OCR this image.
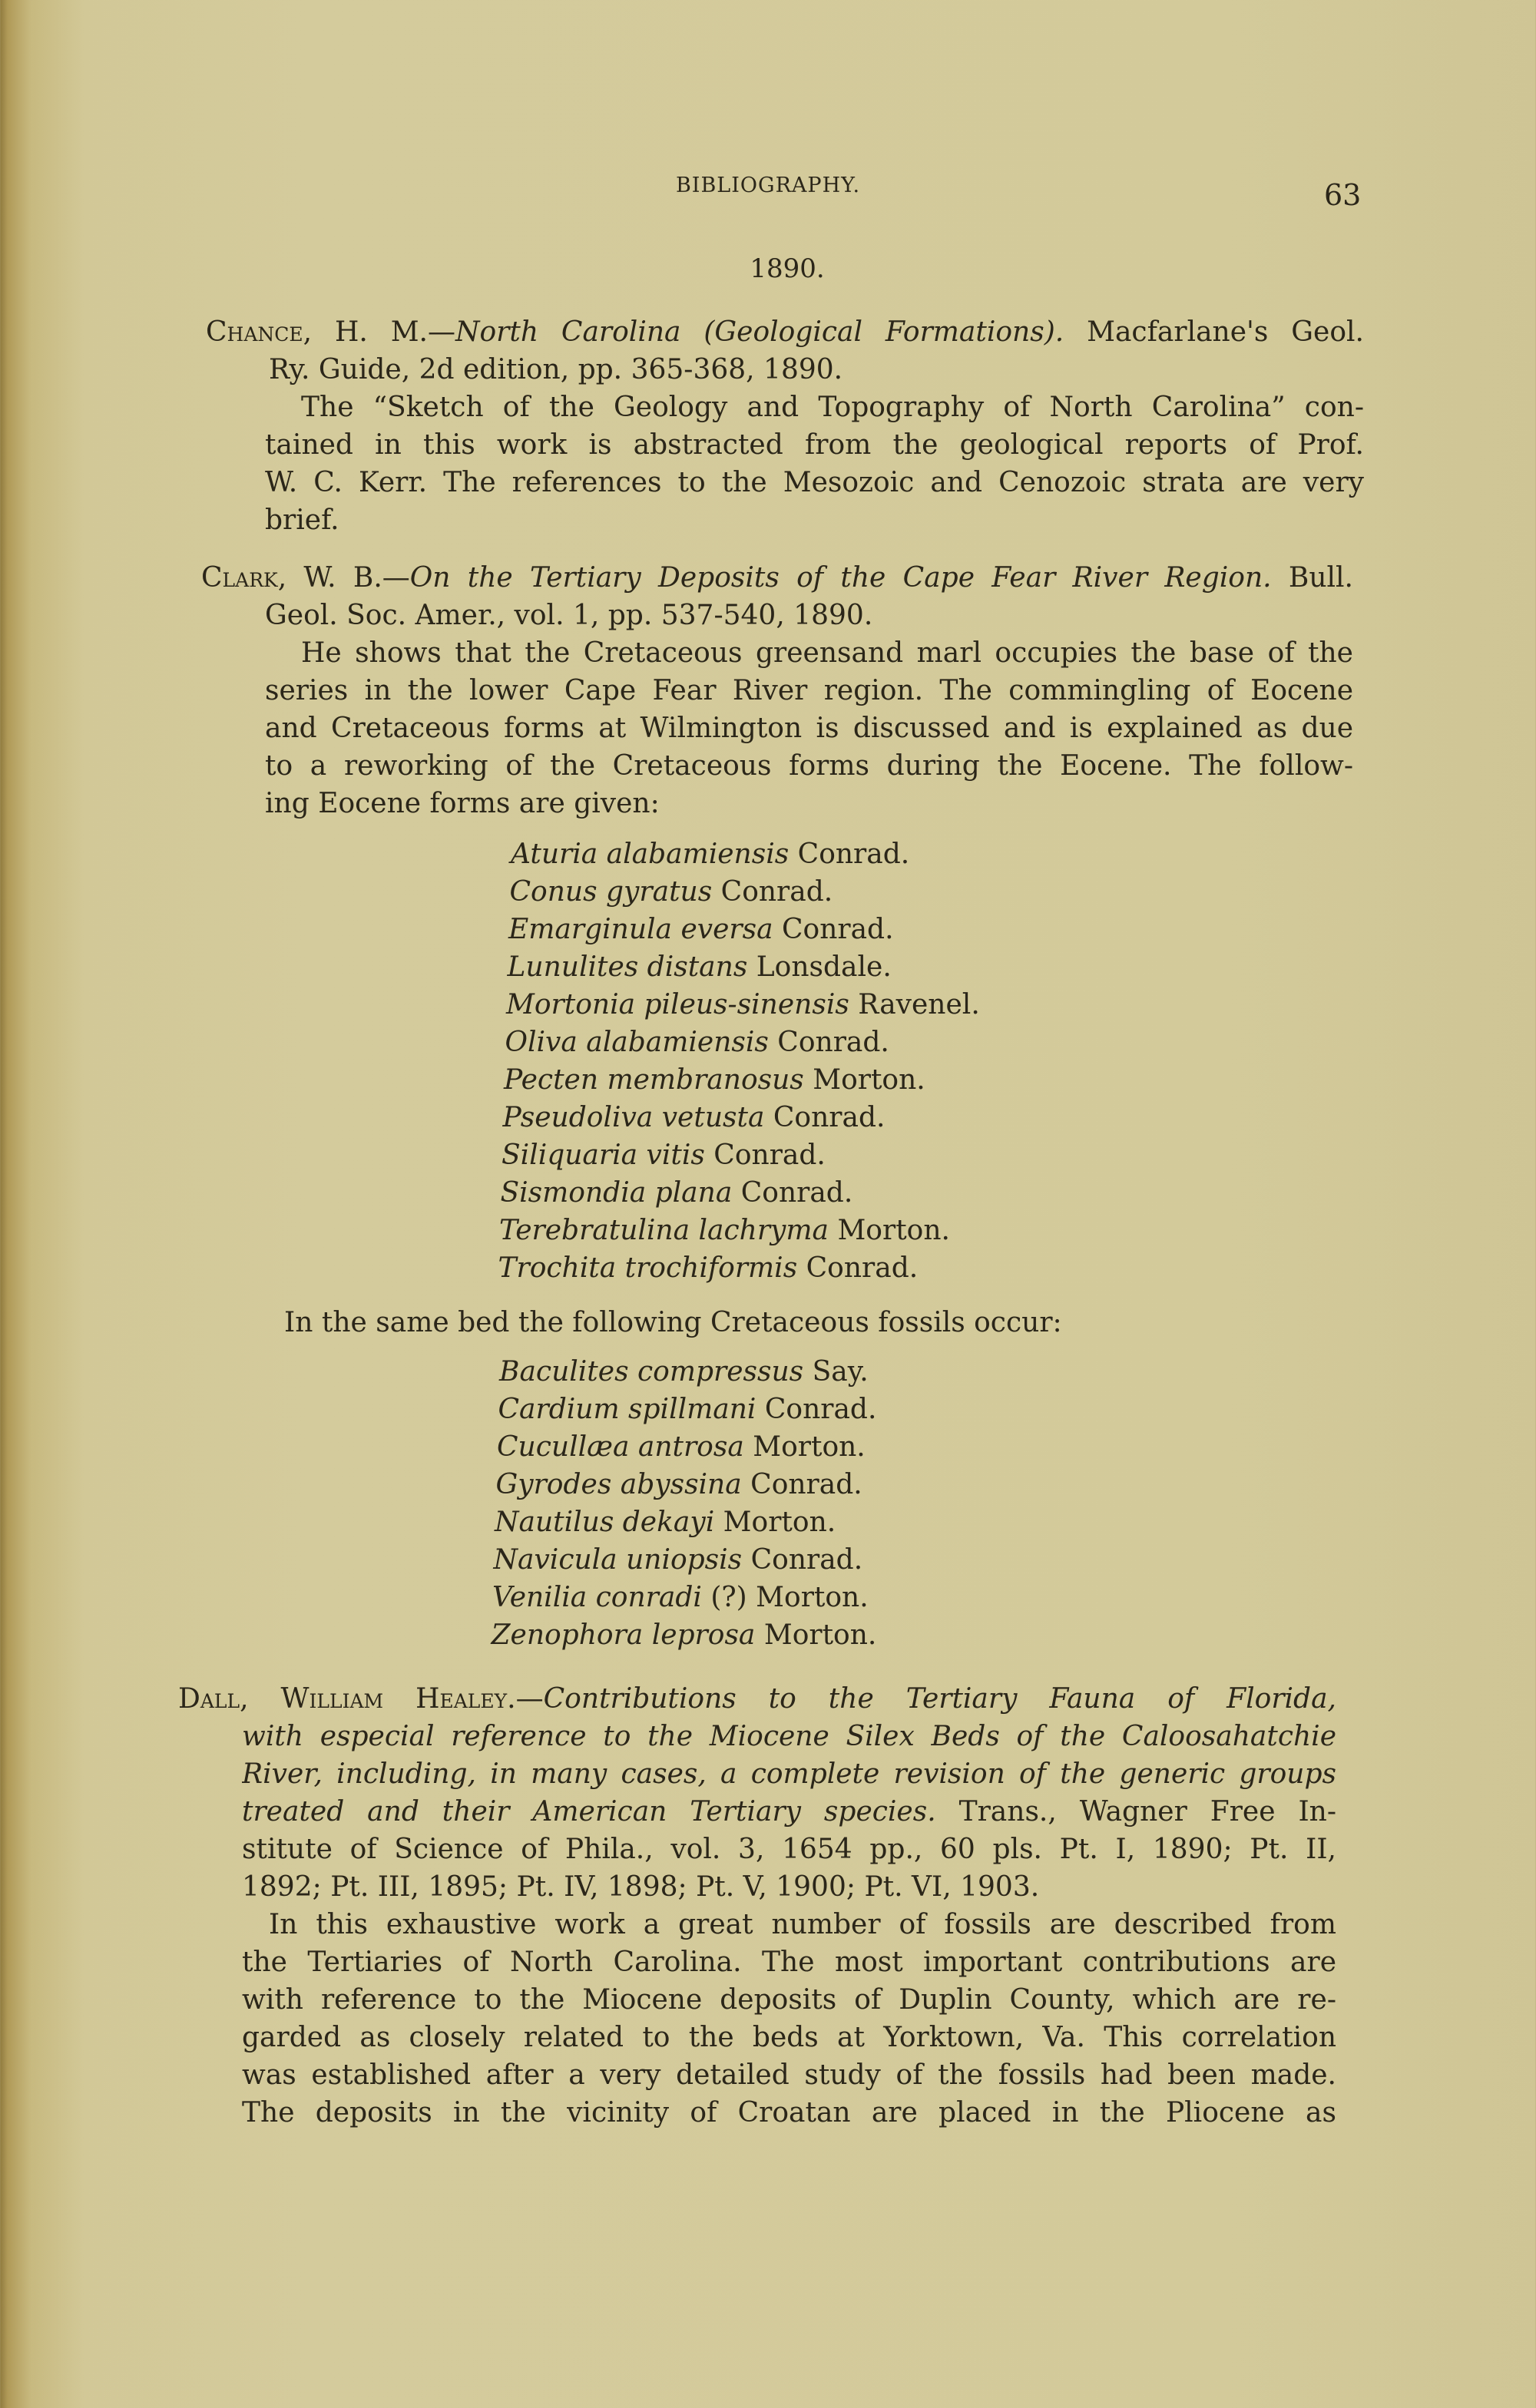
BIBLIOGRAPHY.	63
1890.
Chance, H. M.—North Carolina (Geological Formations). Macfarlane's Geol.
Ry. Guide, 2d edition, pp. 365-368, 1890.
The “Sketch of the Geology and Topography of North Carolina” con-
tained in this work is abstracted from the geological reports of Prof.
W. C. Kerr. The references to the Mesozoic and Cenozoic strata are very
brief.
Clark, W. B.—On the Tertiary Deposits of the Cape Fear River Region. Bull.
Geol. Soc. Amer., vol. 1, pp. 537-540, 1890.
He shows that the Cretaceous greensand marl occupies the base of the
series in the lower Cape Fear River region. The commingling of Eocene
and Cretaceous forms at Wilmington is discussed and is explained as due
to a reworking of the Cretaceous forms during the Eocene. The follow-
ing Eocene forms are given:
Aturia alabamiensis Conrad.
Conus gyratus Conrad.
Emarginula eversa Conrad.
Lunulites distans Lonsdale.
Mortonia pileus-sinensis Ravenel.
Oliva alabamiensis Conrad.
Pecten membranosus Morton.
Pseudoliva vetusta Conrad.
Siliquaria vitis Conrad.
Sismondia plana Conrad.
Terebratulina lachryma Morton.
Trochita trochiformis Conrad.
In the same bed the following Cretaceous fossils occur:
Baculites compressus Say.
Cardium spillmani Conrad.
Cucullæa antrosa Morton.
Gyrodes abyssina Conrad.
Nautilus dekayi Morton.
Navicula uniopsis Conrad.
Venilia conradi (?) Morton.
Zenophora leprosa Morton.
Dall, William Healey.—Contributions to the Tertiary Fauna of Florida,
with especial reference to the Miocene Silex Beds of the Caloosahatchie
River, including, in many cases, a complete revision of the generic groups
treated and their American Tertiary species. Trans., Wagner Free In-
stitute of Science of Phila., vol. 3, 1654 pp., 60 pls. Pt. I, 1890; Pt. II,
1892; Pt. III, 1895; Pt. IV, 1898; Pt. V, 1900; Pt. VI, 1903.
In this exhaustive work a great number of fossils are described from
the Tertiaries of North Carolina. The most important contributions are
with reference to the Miocene deposits of Duplin County, which are re-
garded as closely related to the beds at Yorktown, Va. This correlation
was established after a very detailed study of the fossils had been made.
The deposits in the vicinity of Croatan are placed in the Pliocene as
